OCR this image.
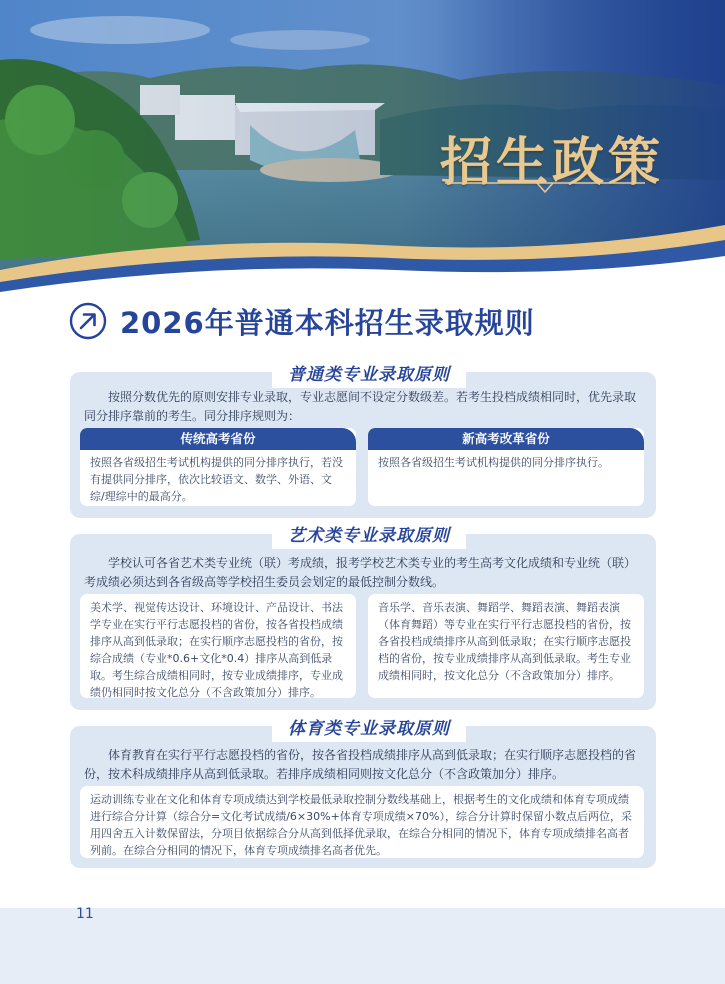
招生政策
2026年普通本科招生录取规则
按照分数优先的原则安排专业录取，专业志愿间不设定分数级差。若考生投档成绩相同时，优先录取同分排序靠前的考生。同分排序规则为：
传统高考省份
按照各省级招生考试机构提供的同分排序执行，若没有提供同分排序，依次比较语文、数学、外语、文综/理综中的最高分。
新高考改革省份
按照各省级招生考试机构提供的同分排序执行。
普通类专业录取原则
学校认可各省艺术类专业统（联）考成绩，报考学校艺术类专业的考生高考文化成绩和专业统（联）考成绩必须达到各省级高等学校招生委员会划定的最低控制分数线。
美术学、视觉传达设计、环境设计、产品设计、书法学专业在实行平行志愿投档的省份，按各省投档成绩排序从高到低录取；在实行顺序志愿投档的省份，按综合成绩（专业*0.6+文化*0.4）排序从高到低录取。考生综合成绩相同时，按专业成绩排序，专业成绩仍相同时按文化总分（不含政策加分）排序。
音乐学、音乐表演、舞蹈学、舞蹈表演、舞蹈表演（体育舞蹈）等专业在实行平行志愿投档的省份，按各省投档成绩排序从高到低录取；在实行顺序志愿投档的省份，按专业成绩排序从高到低录取。考生专业成绩相同时，按文化总分（不含政策加分）排序。
艺术类专业录取原则
体育教育在实行平行志愿投档的省份，按各省投档成绩排序从高到低录取；在实行顺序志愿投档的省份，按术科成绩排序从高到低录取。若排序成绩相同则按文化总分（不含政策加分）排序。
运动训练专业在文化和体育专项成绩达到学校最低录取控制分数线基础上，根据考生的文化成绩和体育专项成绩进行综合分计算（综合分=文化考试成绩/6×30%+体育专项成绩×70%），综合分计算时保留小数点后两位，采用四舍五入计数保留法，分项目依据综合分从高到低择优录取，在综合分相同的情况下，体育专项成绩排名高者列前。在综合分相同的情况下，体育专项成绩排名高者优先。
体育类专业录取原则
11
